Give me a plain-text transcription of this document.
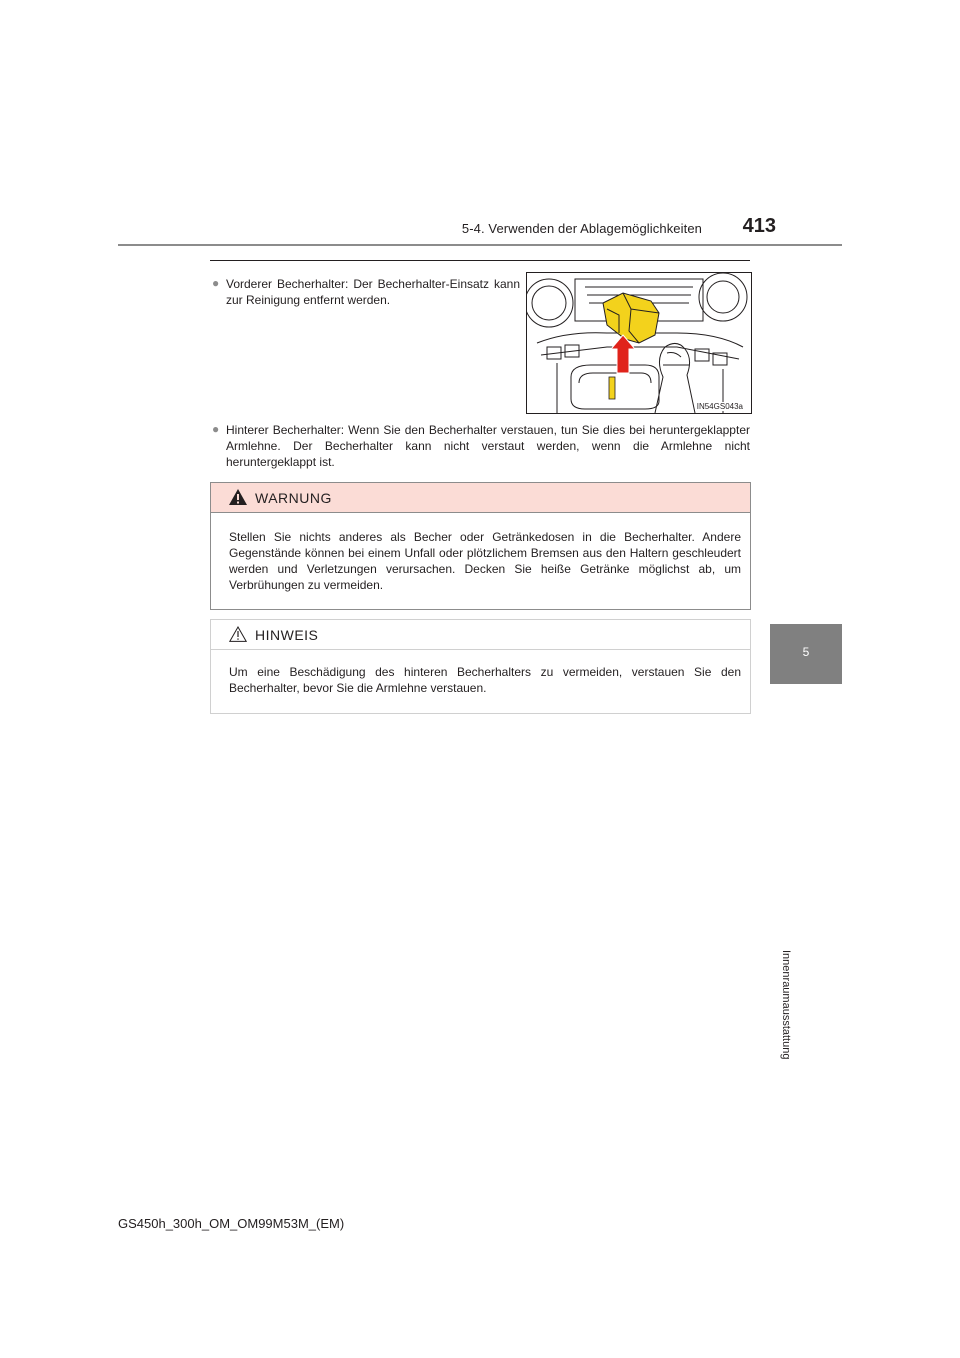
5-4. Verwenden der Ablagemöglichkeiten	413
5
Innenraumausstattung
● Vorderer Becherhalter: Der Becherhalter-Einsatz kann zur Reinigung entfernt werden.
IN54GS043a
● Hinterer Becherhalter: Wenn Sie den Becherhalter verstauen, tun Sie dies bei heruntergeklappter Armlehne. Der Becherhalter kann nicht verstaut werden, wenn die Armlehne nicht heruntergeklappt ist.
WARNUNG
Stellen Sie nichts anderes als Becher oder Getränkedosen in die Becherhalter. Andere Gegenstände können bei einem Unfall oder plötzlichem Bremsen aus den Haltern geschleudert werden und Verletzungen verursachen. Decken Sie heiße Getränke möglichst ab, um Verbrühungen zu vermeiden.
HINWEIS
Um eine Beschädigung des hinteren Becherhalters zu vermeiden, verstauen Sie den Becherhalter, bevor Sie die Armlehne verstauen.
GS450h_300h_OM_OM99M53M_(EM)
